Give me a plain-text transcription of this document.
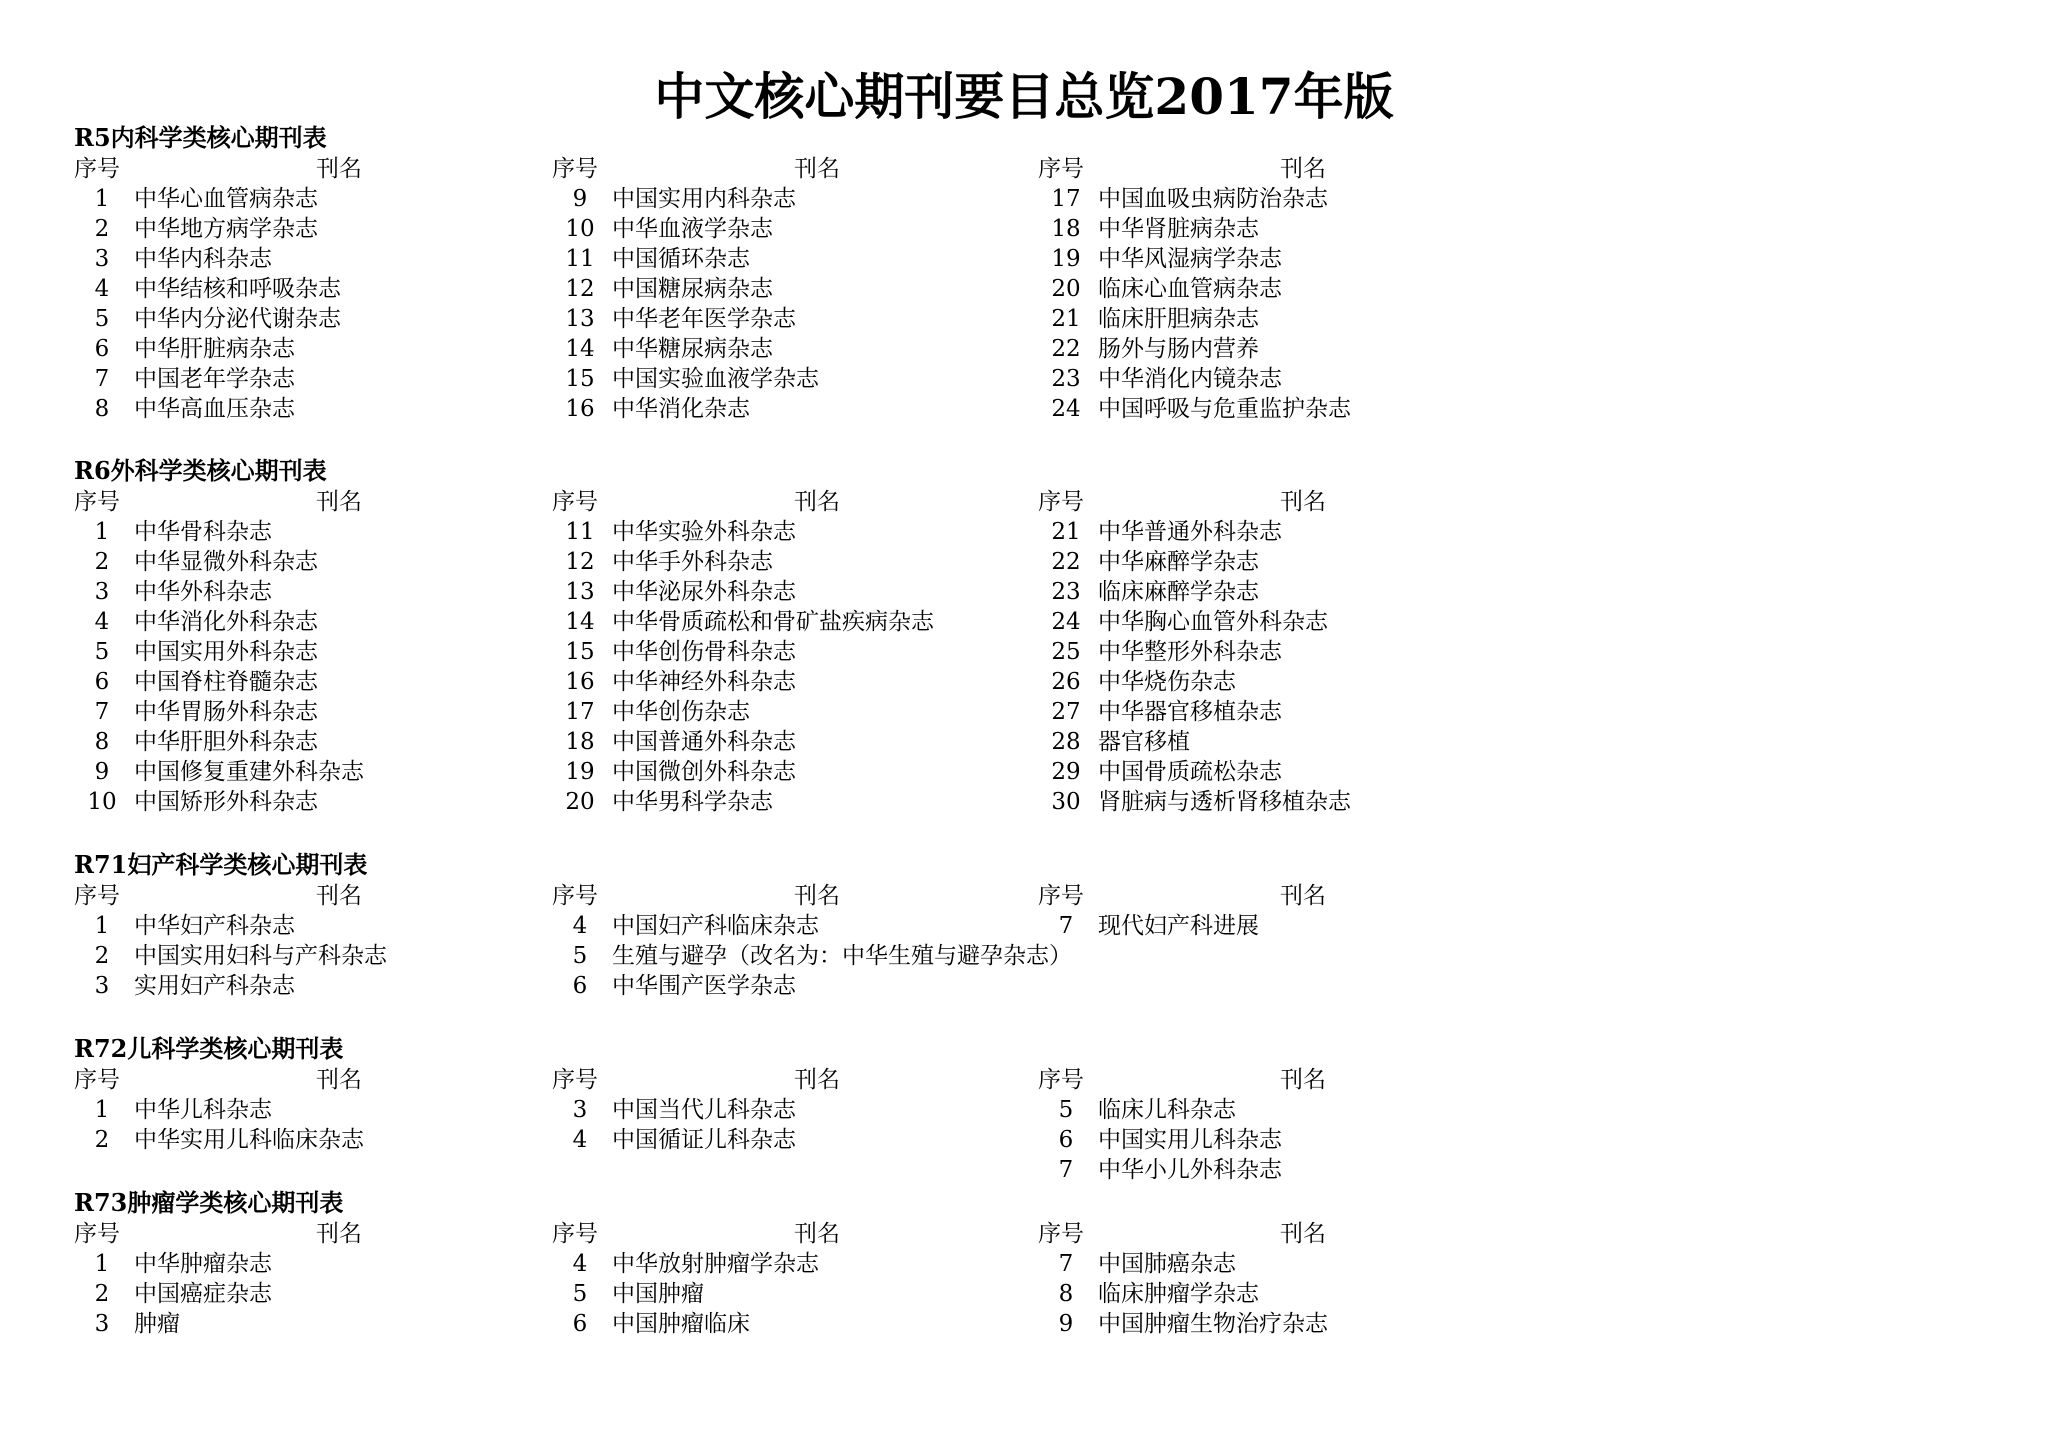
中文核心期刊要目总览2017年版
R5内科学类核心期刊表
序号	刊名	序号	刊名	序号	刊名
1	中华心血管病杂志	9	中国实用内科杂志	17 中国血吸虫病防治杂志
2	中华地方病学杂志	10 中华血液学杂志	18 中华肾脏病杂志
3	中华内科杂志	11 中国循环杂志	19 中华风湿病学杂志
4	中华结核和呼吸杂志	12 中国糖尿病杂志	20 临床心血管病杂志
5	中华内分泌代谢杂志	13 中华老年医学杂志	21 临床肝胆病杂志
6	中华肝脏病杂志	14 中华糖尿病杂志	22 肠外与肠内营养
7	中国老年学杂志	15 中国实验血液学杂志	23 中华消化内镜杂志
8	中华高血压杂志	16 中华消化杂志	24 中国呼吸与危重监护杂志
R6外科学类核心期刊表
序号	刊名	序号	刊名	序号	刊名
1	中华骨科杂志	11 中华实验外科杂志	21 中华普通外科杂志
2	中华显微外科杂志	12 中华手外科杂志	22 中华麻醉学杂志
3	中华外科杂志	13 中华泌尿外科杂志	23 临床麻醉学杂志
4	中华消化外科杂志	14 中华骨质疏松和骨矿盐疾病杂志	24 中华胸心血管外科杂志
5	中国实用外科杂志	15 中华创伤骨科杂志	25 中华整形外科杂志
6	中国脊柱脊髓杂志	16 中华神经外科杂志	26 中华烧伤杂志
7	中华胃肠外科杂志	17 中华创伤杂志	27 中华器官移植杂志
8	中华肝胆外科杂志	18 中国普通外科杂志	28 器官移植
9	中国修复重建外科杂志	19 中国微创外科杂志	29 中国骨质疏松杂志
10 中国矫形外科杂志	20 中华男科学杂志	30 肾脏病与透析肾移植杂志
R71妇产科学类核心期刊表
序号	刊名	序号	刊名	序号	刊名
1	中华妇产科杂志	4	中国妇产科临床杂志	7	现代妇产科进展
2	中国实用妇科与产科杂志	5	生殖与避孕（改名为：中华生殖与避孕杂志）
3	实用妇产科杂志	6	中华围产医学杂志
R72儿科学类核心期刊表
序号	刊名	序号	刊名	序号	刊名
1	中华儿科杂志	3	中国当代儿科杂志	5	临床儿科杂志
2	中华实用儿科临床杂志	4	中国循证儿科杂志	6	中国实用儿科杂志
7	中华小儿外科杂志
R73肿瘤学类核心期刊表
序号	刊名	序号	刊名	序号	刊名
1	中华肿瘤杂志	4	中华放射肿瘤学杂志	7	中国肺癌杂志
2	中国癌症杂志	5	中国肿瘤	8	临床肿瘤学杂志
3	肿瘤	6	中国肿瘤临床	9	中国肿瘤生物治疗杂志
